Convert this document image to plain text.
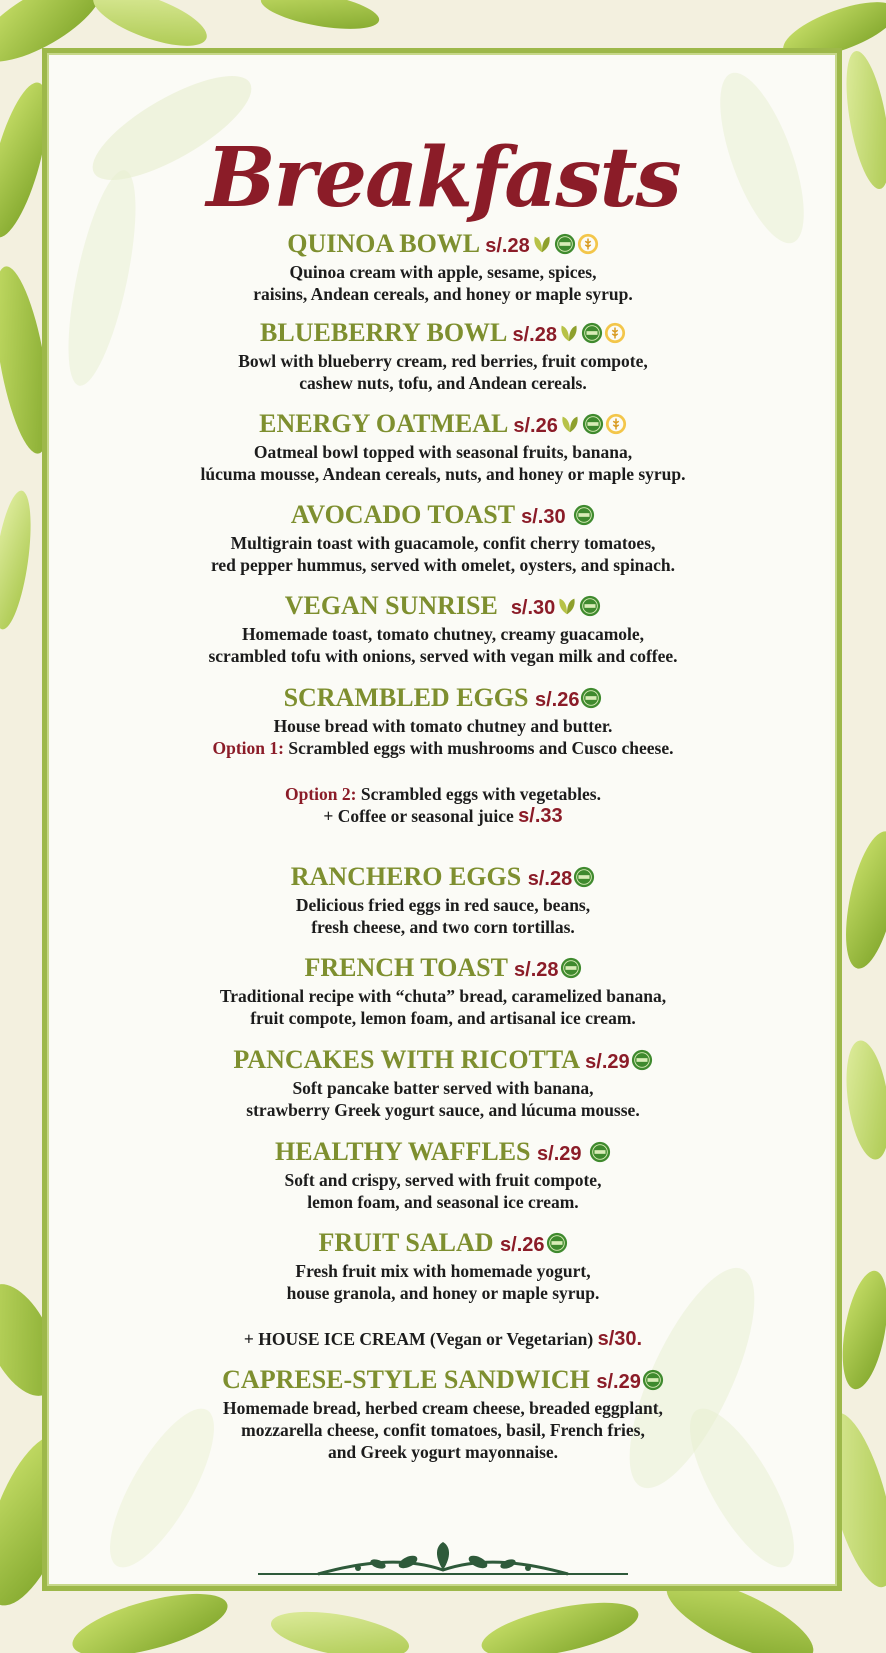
Breakfasts
QUINOA BOWL s/.28
Quinoa cream with apple, sesame, spices,
raisins, Andean cereals, and honey or maple syrup.
BLUEBERRY BOWL s/.28
Bowl with blueberry cream, red berries, fruit compote,
cashew nuts, tofu, and Andean cereals.
ENERGY OATMEAL s/.26
Oatmeal bowl topped with seasonal fruits, banana,
lúcuma mousse, Andean cereals, nuts, and honey or maple syrup.
AVOCADO TOAST s/.30
Multigrain toast with guacamole, confit cherry tomatoes,
red pepper hummus, served with omelet, oysters, and spinach.
VEGAN SUNRISE s/.30
Homemade toast, tomato chutney, creamy guacamole,
scrambled tofu with onions, served with vegan milk and coffee.
SCRAMBLED EGGS s/.26
House bread with tomato chutney and butter.
Option 1: Scrambled eggs with mushrooms and Cusco cheese.
Option 2: Scrambled eggs with vegetables.
+ Coffee or seasonal juice s/.33
RANCHERO EGGS s/.28
Delicious fried eggs in red sauce, beans,
fresh cheese, and two corn tortillas.
FRENCH TOAST s/.28
Traditional recipe with “chuta” bread, caramelized banana,
fruit compote, lemon foam, and artisanal ice cream.
PANCAKES WITH RICOTTA s/.29
Soft pancake batter served with banana,
strawberry Greek yogurt sauce, and lúcuma mousse.
HEALTHY WAFFLES s/.29
Soft and crispy, served with fruit compote,
lemon foam, and seasonal ice cream.
FRUIT SALAD s/.26
Fresh fruit mix with homemade yogurt,
house granola, and honey or maple syrup.
+ HOUSE ICE CREAM (Vegan or Vegetarian) s/30.
CAPRESE-STYLE SANDWICH s/.29
Homemade bread, herbed cream cheese, breaded eggplant,
mozzarella cheese, confit tomatoes, basil, French fries,
and Greek yogurt mayonnaise.
